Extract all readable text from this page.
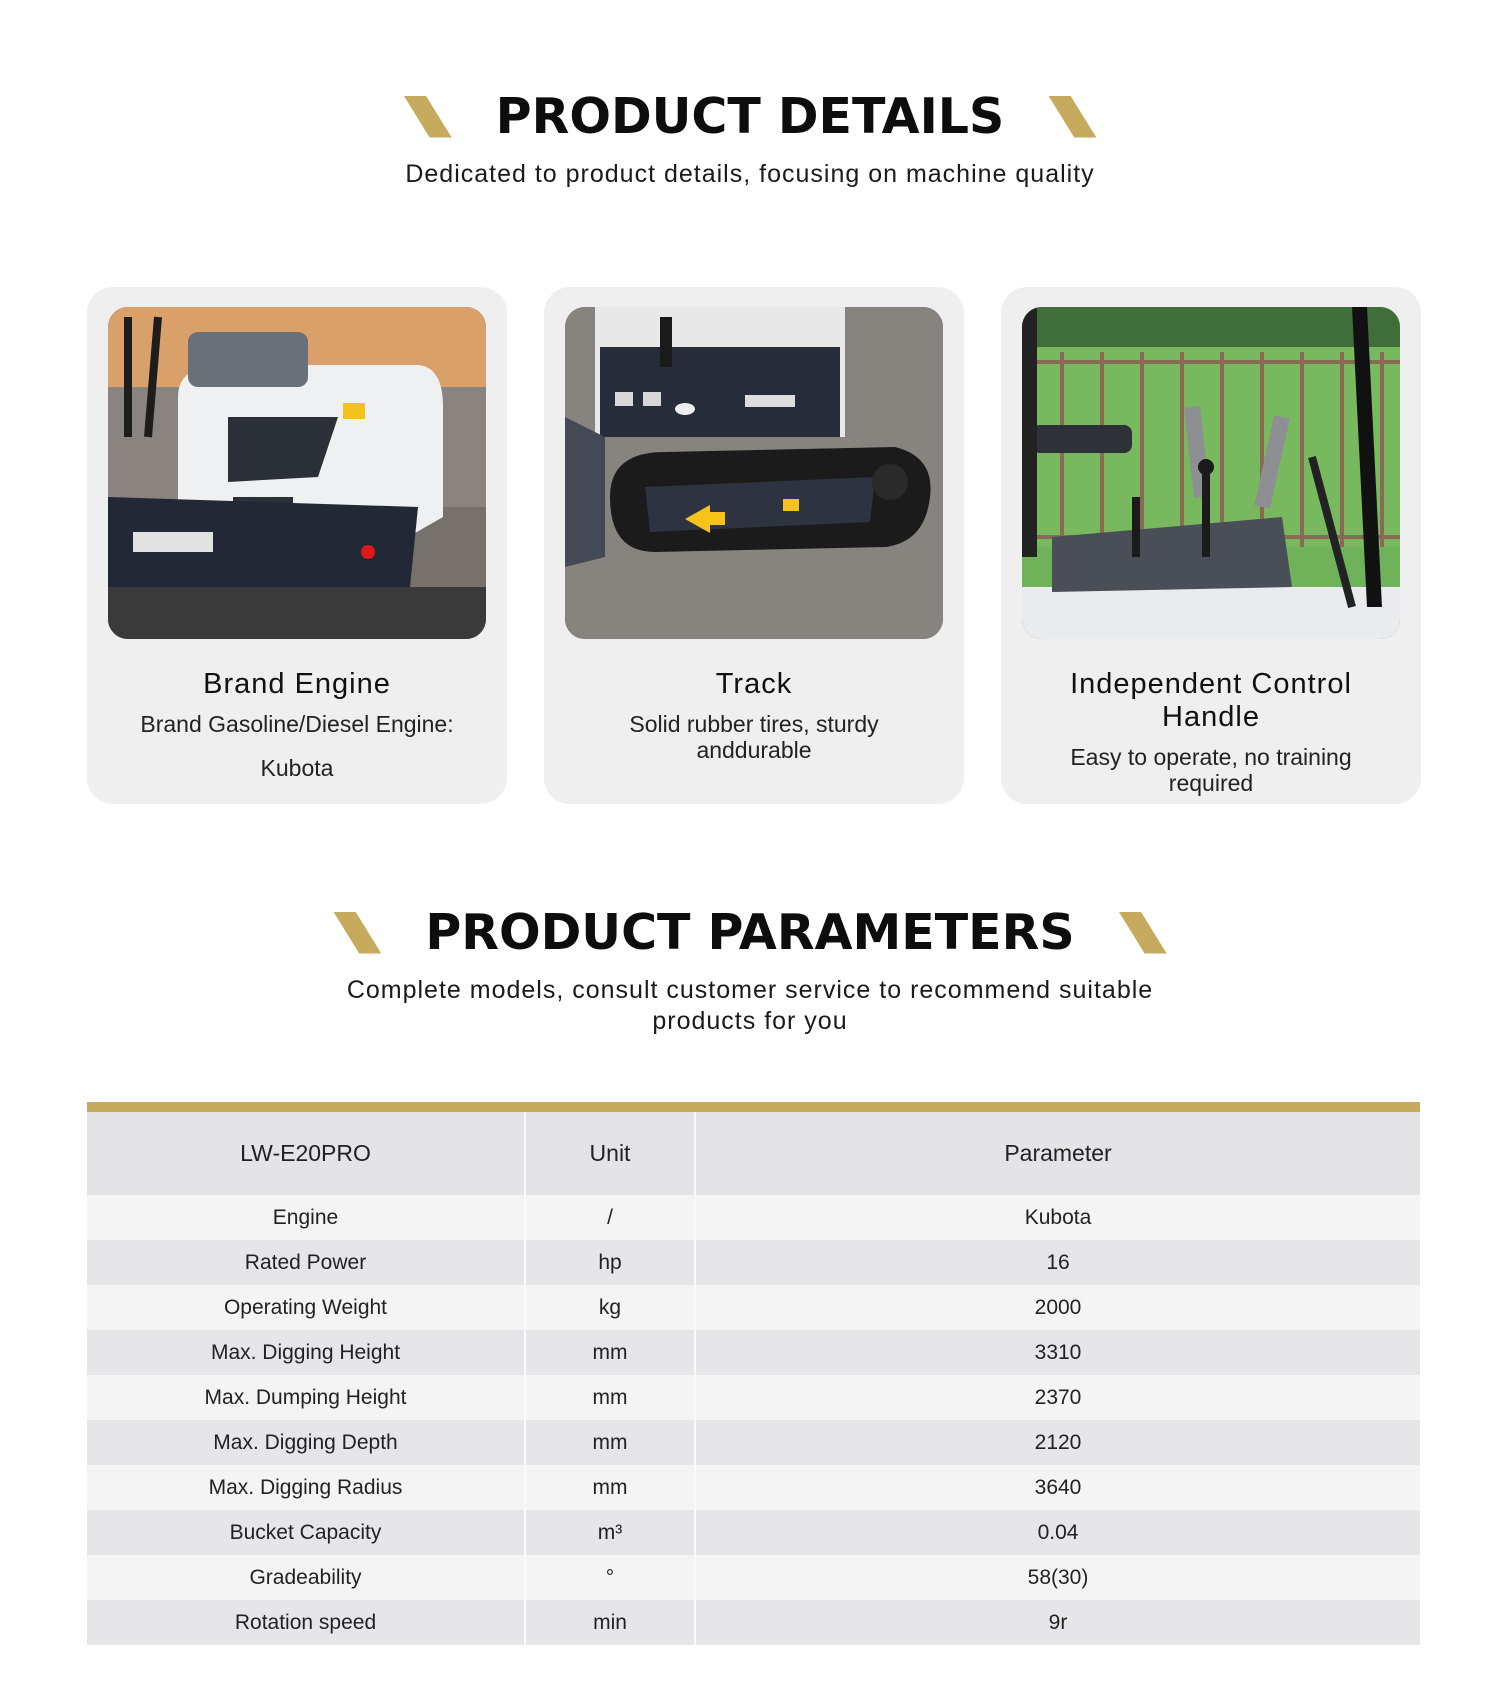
PRODUCT DETAILS
Dedicated to product details, focusing on machine quality
Brand Engine
Brand Gasoline/Diesel Engine:
Kubota
Track
Solid rubber tires, sturdy anddurable
Independent Control Handle
Easy to operate, no training required
PRODUCT PARAMETERS
Complete models, consult customer service to recommend suitable
products for you
LW-E20PRO	Unit	Parameter
Engine	/	Kubota
Rated Power	hp	16
Operating Weight	kg	2000
Max. Digging Height	mm	3310
Max. Dumping Height	mm	2370
Max. Digging Depth	mm	2120
Max. Digging Radius	mm	3640
Bucket Capacity	m³	0.04
Gradeability	°	58(30)
Rotation speed	min	9r
